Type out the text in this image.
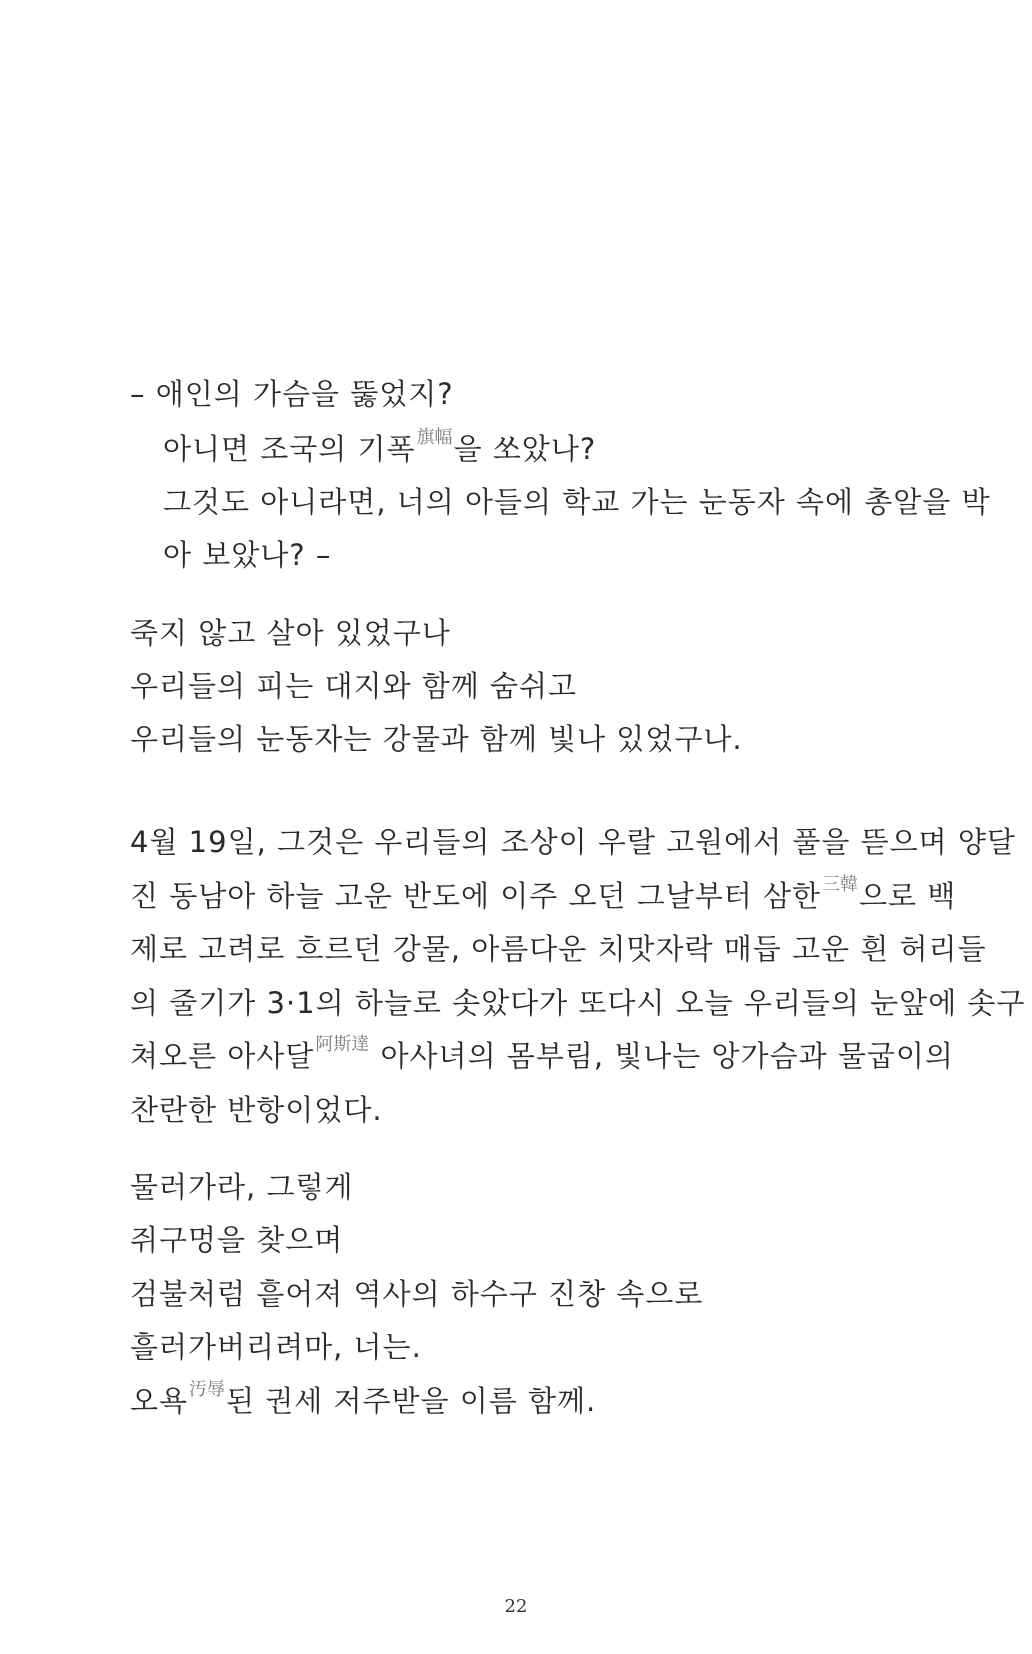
– 애인의 가슴을 뚫었지?
아니면 조국의 기폭$^{旗幅}$을 쏘았나?
그것도 아니라면, 너의 아들의 학교 가는 눈동자 속에 총알을 박
아 보았나? –
죽지 않고 살아 있었구나
우리들의 피는 대지와 함께 숨쉬고
우리들의 눈동자는 강물과 함께 빛나 있었구나.
4월 19일, 그것은 우리들의 조상이 우랄 고원에서 풀을 뜯으며 양달
진 동남아 하늘 고운 반도에 이주 오던 그날부터 삼한$^{三韓}$으로 백
제로 고려로 흐르던 강물, 아름다운 치맛자락 매듭 고운 흰 허리들
의 줄기가 3·1의 하늘로 솟았다가 또다시 오늘 우리들의 눈앞에 솟구
쳐오른 아사달$^{阿斯達}$ 아사녀의 몸부림, 빛나는 앙가슴과 물굽이의
찬란한 반항이었다.
물러가라, 그렇게
쥐구멍을 찾으며
검불처럼 흩어져 역사의 하수구 진창 속으로
흘러가버리려마, 너는.
오욕$^{汚辱}$된 권세 저주받을 이름 함께.
22
